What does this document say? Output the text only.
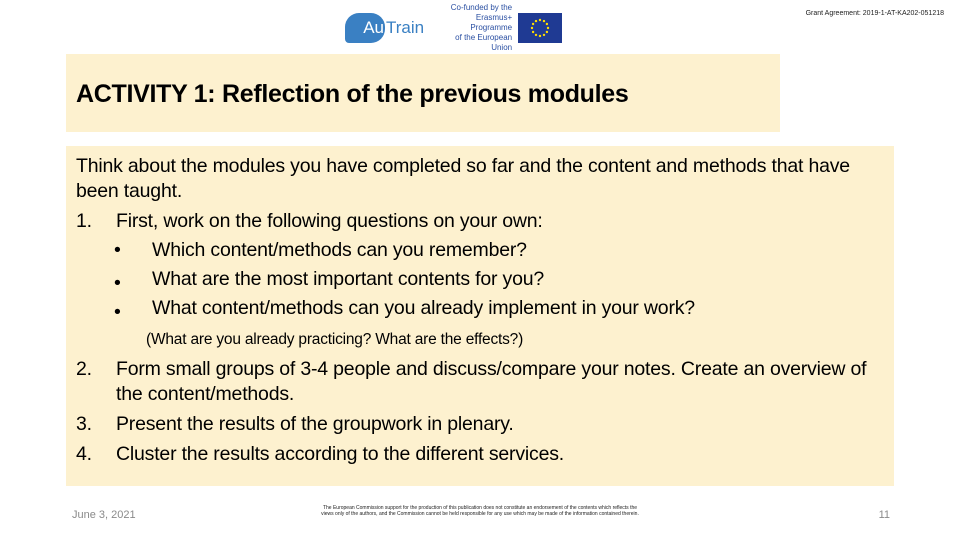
Grant Agreement: 2019-1-AT-KA202-051218
Au Train
Co-funded by the
Erasmus+ Programme
of the European Union
ACTIVITY 1: Reflection of the previous modules
Think about the modules you have completed so far and the content and methods that have been taught.
1.	First, work on the following questions on your own:
•	Which content/methods can you remember?
•	What are the most important contents for you?
•	What content/methods can you already implement in your work?
(What are you already practicing? What are the effects?)
2.	Form small groups of 3-4 people and discuss/compare your notes. Create an overview of the content/methods.
3.	Present the results of the groupwork in plenary.
4.	Cluster the results according to the different services.
June 3, 2021
The European Commission support for the production of this publication does not constitute an endorsement of the contents which reflects the views only of the authors, and the Commission cannot be held responsible for any use which may be made of the information contained therein.	11
